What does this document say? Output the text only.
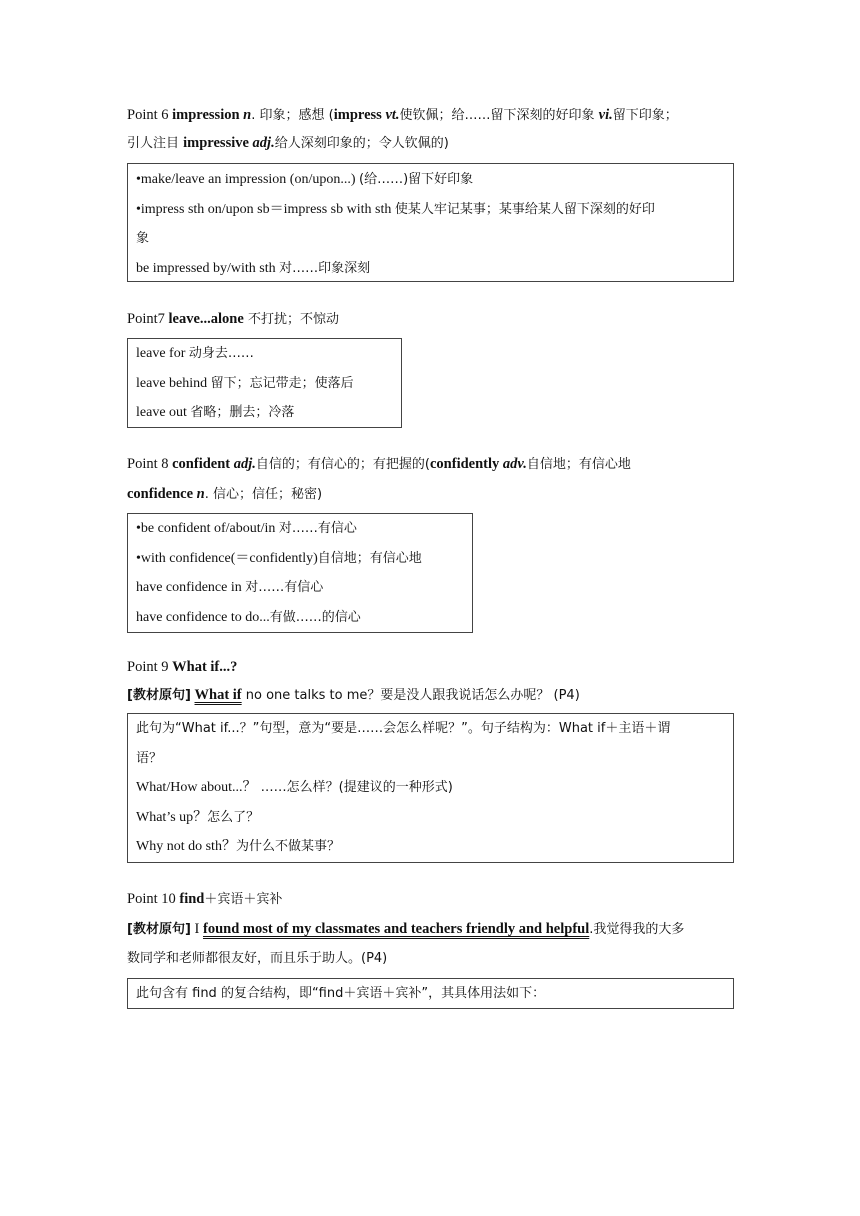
Point 6 impression n. 印象；感想 (impress vt.使钦佩；给……留下深刻的好印象 vi.留下印象；
引人注目 impressive adj.给人深刻印象的；令人钦佩的)
•make/leave an impression (on/upon...) (给……)留下好印象
•impress sth on/upon sb＝impress sb with sth 使某人牢记某事；某事给某人留下深刻的好印
象
be impressed by/with sth 对……印象深刻
Point7 leave...alone 不打扰；不惊动
leave for 动身去……
leave behind 留下；忘记带走；使落后
leave out 省略；删去；冷落
Point 8 confident adj.自信的；有信心的；有把握的(confidently adv.自信地；有信心地
confidence n. 信心；信任；秘密)
•be confident of/about/in 对……有信心
•with confidence(＝confidently)自信地；有信心地
have confidence in 对……有信心
have confidence to do...有做……的信心
Point 9 What if...?
[教材原句] What if no one talks to me？要是没人跟我说话怎么办呢？ (P4)
此句为“What if...？”句型，意为“要是……会怎么样呢？”。句子结构为：What if＋主语＋谓
语？
What/How about...？ ……怎么样？(提建议的一种形式)
What’s up？怎么了？
Why not do sth？为什么不做某事？
Point 10 find＋宾语＋宾补
[教材原句] I found most of my classmates and teachers friendly and helpful.我觉得我的大多
数同学和老师都很友好，而且乐于助人。(P4)
此句含有 find 的复合结构，即“find＋宾语＋宾补”，其具体用法如下：
